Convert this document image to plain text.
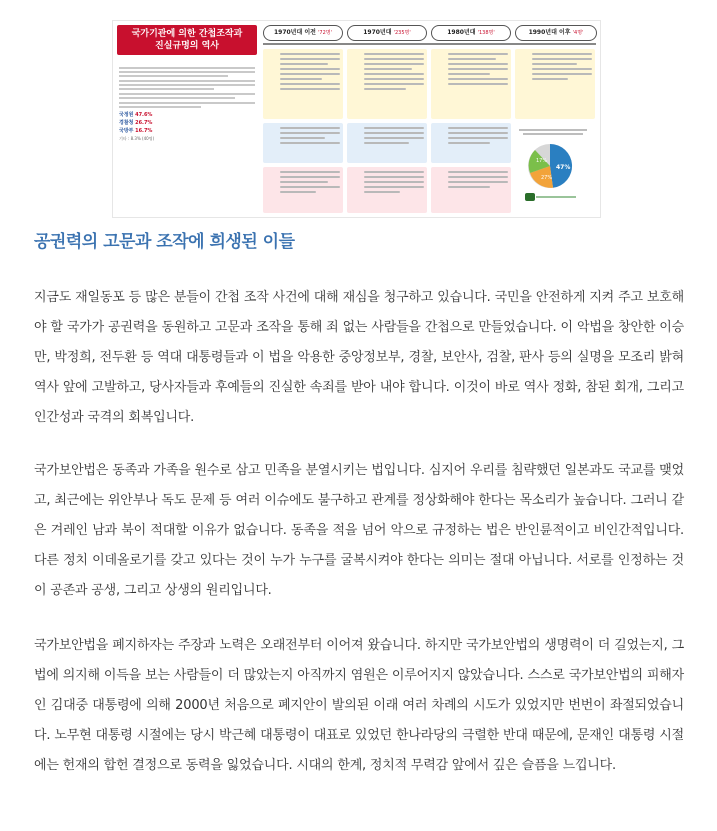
국가기관에 의한 간첩조작과
진실규명의 역사

국정원 47.6%
경찰청 26.7%
국방부 16.7%
기타 : 8.3% (40명)
1970년대 이전 '72명'	1970년대 '235명'	1980년대 '138명'	1990년대 이후 '4명'
47%
27%
17%

공권력의 고문과 조작에 희생된 이들

지금도 재일동포 등 많은 분들이 간첩 조작 사건에 대해 재심을 청구하고 있습니다. 국민을 안전하게 지켜 주고 보호해야 할 국가가 공권력을 동원하고 고문과 조작을 통해 죄 없는 사람들을 간첩으로 만들었습니다. 이 악법을 창안한 이승만, 박정희, 전두환 등 역대 대통령들과 이 법을 악용한 중앙정보부, 경찰, 보안사, 검찰, 판사 등의 실명을 모조리 밝혀 역사 앞에 고발하고, 당사자들과 후예들의 진실한 속죄를 받아 내야 합니다. 이것이 바로 역사 정화, 참된 회개, 그리고 인간성과 국격의 회복입니다.

국가보안법은 동족과 가족을 원수로 삼고 민족을 분열시키는 법입니다. 심지어 우리를 침략했던 일본과도 국교를 맺었고, 최근에는 위안부나 독도 문제 등 여러 이슈에도 불구하고 관계를 정상화해야 한다는 목소리가 높습니다. 그러니 같은 겨레인 남과 북이 적대할 이유가 없습니다. 동족을 적을 넘어 악으로 규정하는 법은 반인륜적이고 비인간적입니다. 다른 정치 이데올로기를 갖고 있다는 것이 누가 누구를 굴복시켜야 한다는 의미는 절대 아닙니다. 서로를 인정하는 것이 공존과 공생, 그리고 상생의 원리입니다.

국가보안법을 폐지하자는 주장과 노력은 오래전부터 이어져 왔습니다. 하지만 국가보안법의 생명력이 더 길었는지, 그 법에 의지해 이득을 보는 사람들이 더 많았는지 아직까지 염원은 이루어지지 않았습니다. 스스로 국가보안법의 피해자인 김대중 대통령에 의해 2000년 처음으로 폐지안이 발의된 이래 여러 차례의 시도가 있었지만 번번이 좌절되었습니다. 노무현 대통령 시절에는 당시 박근혜 대통령이 대표로 있었던 한나라당의 극렬한 반대 때문에, 문재인 대통령 시절에는 헌재의 합헌 결정으로 동력을 잃었습니다. 시대의 한계, 정치적 무력감 앞에서 깊은 슬픔을 느낍니다.
